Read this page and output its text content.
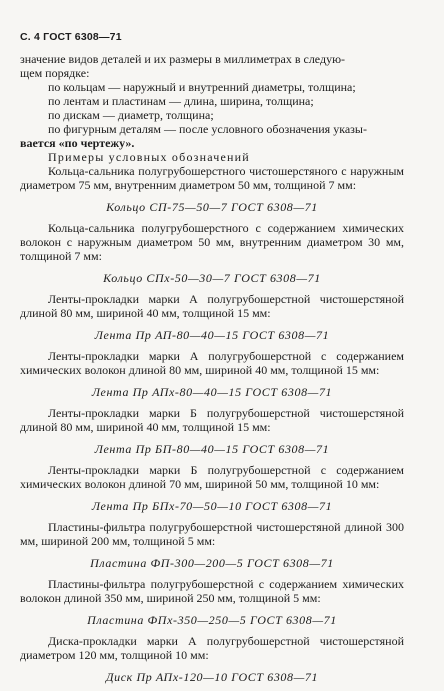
С. 4 ГОСТ 6308—71

значение видов деталей и их размеры в миллиметрах в следую-

щем порядке:

по кольцам — наружный и внутренний диаметры, толщина;

по лентам и пластинам — длина, ширина, толщина;

по дискам — диаметр, толщина;

по фигурным деталям — после условного обозначения указы-

вается «по чертежу».

Примеры условных обозначений

Кольца-сальника полугрубошерстного чистошерстяного с наружным диаметром 75 мм, внутренним диаметром 50 мм, толщиной 7 мм:

Кольцо СП-75—50—7 ГОСТ 6308—71

Кольца-сальника полугрубошерстного с содержанием химических волокон с наружным диаметром 50 мм, внутренним диаметром 30 мм, толщиной 7 мм:

Кольцо СПх-50—30—7 ГОСТ 6308—71

Ленты-прокладки марки А полугрубошерстной чистошерстяной длиной 80 мм, шириной 40 мм, толщиной 15 мм:

Лента Пр АП-80—40—15 ГОСТ 6308—71

Ленты-прокладки марки А полугрубошерстной с содержанием химических волокон длиной 80 мм, шириной 40 мм, толщиной 15 мм:

Лента Пр АПх-80—40—15 ГОСТ 6308—71

Ленты-прокладки марки Б полугрубошерстной чистошерстяной длиной 80 мм, шириной 40 мм, толщиной 15 мм:

Лента Пр БП-80—40—15 ГОСТ 6308—71

Ленты-прокладки марки Б полугрубошерстной с содержанием химических волокон длиной 70 мм, шириной 50 мм, толщиной 10 мм:

Лента Пр БПх-70—50—10 ГОСТ 6308—71

Пластины-фильтра полугрубошерстной чистошерстяной длиной 300 мм, шириной 200 мм, толщиной 5 мм:

Пластина ФП-300—200—5 ГОСТ 6308—71

Пластины-фильтра полугрубошерстной с содержанием химических волокон длиной 350 мм, шириной 250 мм, толщиной 5 мм:

Пластина ФПх-350—250—5 ГОСТ 6308—71

Диска-прокладки марки А полугрубошерстной чистошерстяной диаметром 120 мм, толщиной 10 мм:

Диск Пр АПх-120—10 ГОСТ 6308—71
